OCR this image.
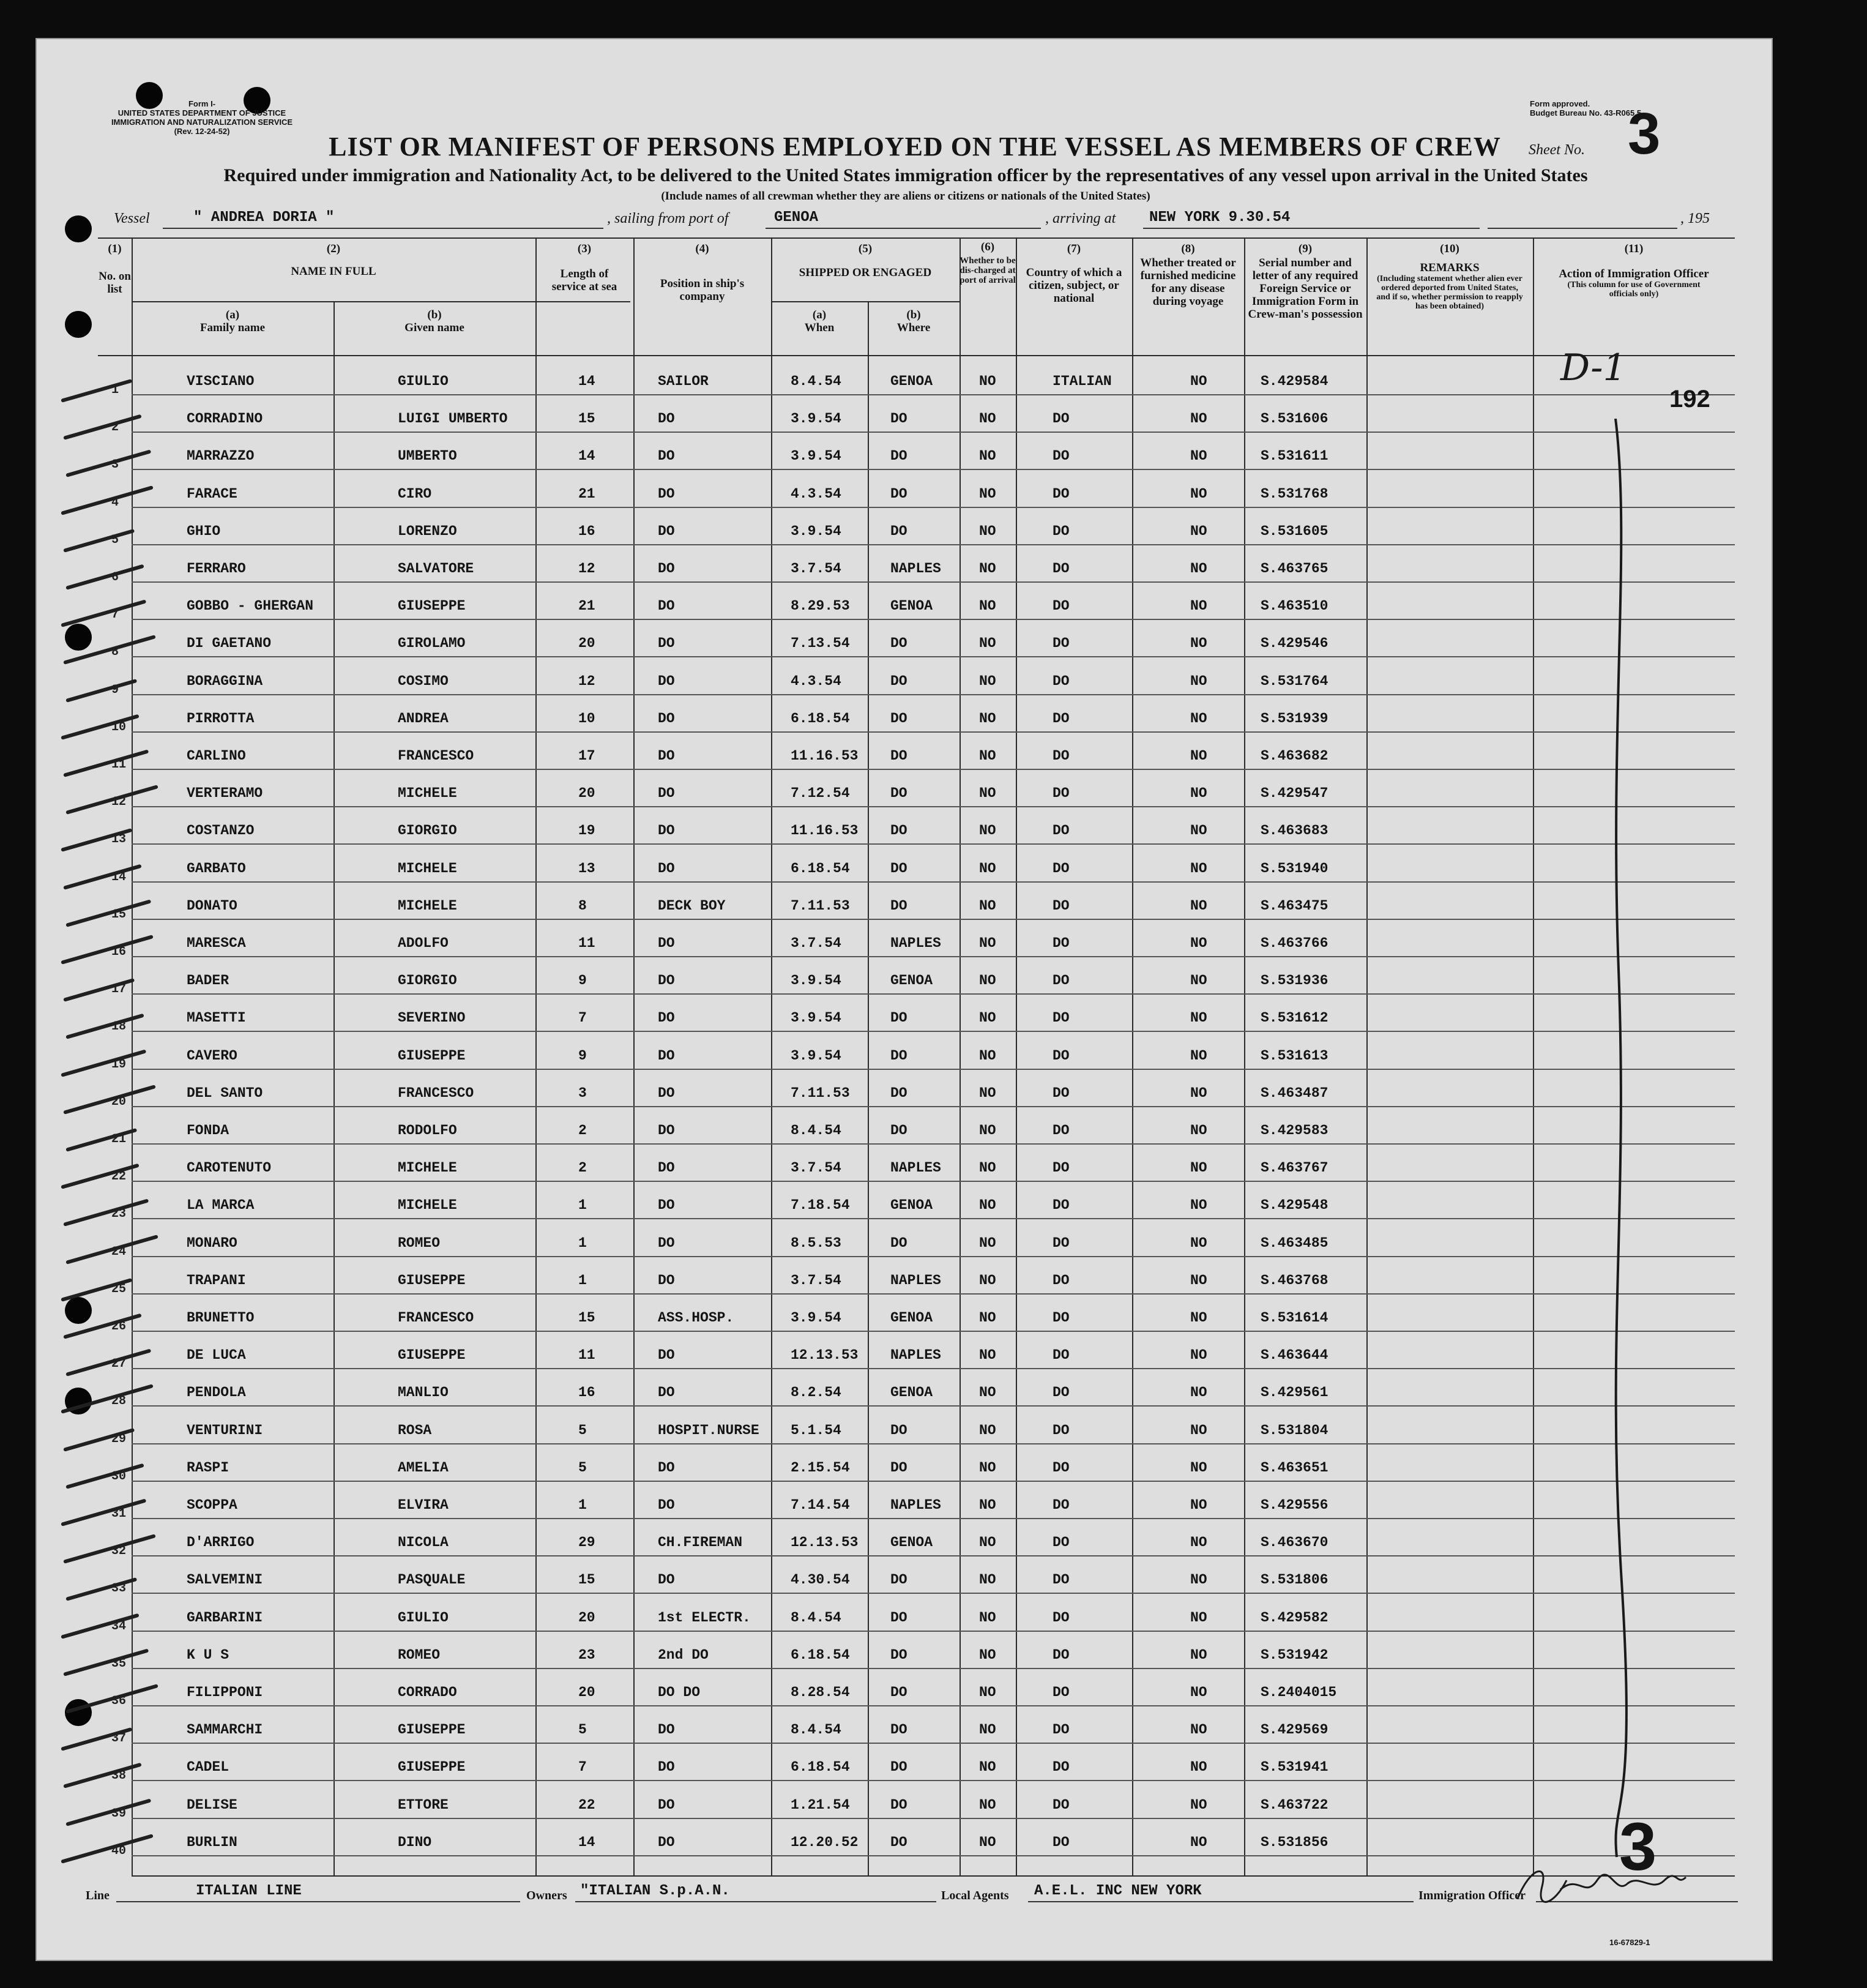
Form I-
UNITED STATES DEPARTMENT OF JUSTICE
IMMIGRATION AND NATURALIZATION SERVICE
(Rev. 12-24-52)
Form approved.
Budget Bureau No. 43-R065.5.
LIST OR MANIFEST OF PERSONS EMPLOYED ON THE VESSEL AS MEMBERS OF CREW	Sheet No. 3
Required under immigration and Nationality Act, to be delivered to the United States immigration officer by the representatives of any vessel upon arrival in the United States
(Include names of all crewman whether they are aliens or citizens or nationals of the United States)
Vessel	" ANDREA DORIA "	, sailing from port of	GENOA	, arriving at	NEW YORK 9.30.54	, 195
(1)
No. on list
(2)
NAME IN FULL
(a)
Family name
(b)
Given name
(3)
Length of service at sea
(4)
Position in ship's company
(5)
SHIPPED OR ENGAGED
(a)
When
(b)
Where
(6)
Whether to be dis-charged at port of arrival
(7)
Country of which a citizen, subject, or national
(8)
Whether treated or furnished medicine for any disease during voyage
(9)
Serial number and letter of any required Foreign Service or Immigration Form in Crew-man's possession
(10)
REMARKS
(Including statement whether alien ever ordered deported from United States, and if so, whether permission to reapply has been obtained)
(11)
Action of Immigration Officer
(This column for use of Government officials only)
1
VISCIANO	GIULIO	14	SAILOR	8.4.54	GENOA	NO	ITALIAN	NO	S.429584
2
CORRADINO	LUIGI UMBERTO	15	DO	3.9.54	DO	NO	DO	NO	S.531606
3
MARRAZZO	UMBERTO	14	DO	3.9.54	DO	NO	DO	NO	S.531611
4
FARACE	CIRO	21	DO	4.3.54	DO	NO	DO	NO	S.531768
5
GHIO	LORENZO	16	DO	3.9.54	DO	NO	DO	NO	S.531605
6
FERRARO	SALVATORE	12	DO	3.7.54	NAPLES	NO	DO	NO	S.463765
7
GOBBO - GHERGAN	GIUSEPPE	21	DO	8.29.53	GENOA	NO	DO	NO	S.463510
8
DI GAETANO	GIROLAMO	20	DO	7.13.54	DO	NO	DO	NO	S.429546
9
BORAGGINA	COSIMO	12	DO	4.3.54	DO	NO	DO	NO	S.531764
10
PIRROTTA	ANDREA	10	DO	6.18.54	DO	NO	DO	NO	S.531939
11
CARLINO	FRANCESCO	17	DO	11.16.53 DO	NO	DO	NO	S.463682
12
VERTERAMO	MICHELE	20	DO	7.12.54	DO	NO	DO	NO	S.429547
13
COSTANZO	GIORGIO	19	DO	11.16.53 DO	NO	DO	NO	S.463683
14
GARBATO	MICHELE	13	DO	6.18.54	DO	NO	DO	NO	S.531940
15
DONATO	MICHELE	8	DECK BOY	7.11.53	DO	NO	DO	NO	S.463475
16
MARESCA	ADOLFO	11	DO	3.7.54	NAPLES	NO	DO	NO	S.463766
17
BADER	GIORGIO	9	DO	3.9.54	GENOA	NO	DO	NO	S.531936
18
MASETTI	SEVERINO	7	DO	3.9.54	DO	NO	DO	NO	S.531612
19
CAVERO	GIUSEPPE	9	DO	3.9.54	DO	NO	DO	NO	S.531613
20
DEL SANTO	FRANCESCO	3	DO	7.11.53	DO	NO	DO	NO	S.463487
21
FONDA	RODOLFO	2	DO	8.4.54	DO	NO	DO	NO	S.429583
22
CAROTENUTO	MICHELE	2	DO	3.7.54	NAPLES	NO	DO	NO	S.463767
23
LA MARCA	MICHELE	1	DO	7.18.54	GENOA	NO	DO	NO	S.429548
24
MONARO	ROMEO	1	DO	8.5.53	DO	NO	DO	NO	S.463485
25
TRAPANI	GIUSEPPE	1	DO	3.7.54	NAPLES	NO	DO	NO	S.463768
26
BRUNETTO	FRANCESCO	15	ASS.HOSP.	3.9.54	GENOA	NO	DO	NO	S.531614
27
DE LUCA	GIUSEPPE	11	DO	12.13.53 NAPLES	NO	DO	NO	S.463644
28
PENDOLA	MANLIO	16	DO	8.2.54	GENOA	NO	DO	NO	S.429561
29
VENTURINI	ROSA	5	HOSPIT.NURSE 5.1.54	DO	NO	DO	NO	S.531804
30
RASPI	AMELIA	5	DO	2.15.54	DO	NO	DO	NO	S.463651
31
SCOPPA	ELVIRA	1	DO	7.14.54	NAPLES	NO	DO	NO	S.429556
32
D'ARRIGO	NICOLA	29	CH.FIREMAN	12.13.53 GENOA	NO	DO	NO	S.463670
33
SALVEMINI	PASQUALE	15	DO	4.30.54	DO	NO	DO	NO	S.531806
34
GARBARINI	GIULIO	20	1st ELECTR.	8.4.54	DO	NO	DO	NO	S.429582
35
K U S	ROMEO	23	2nd DO	6.18.54	DO	NO	DO	NO	S.531942
36
FILIPPONI	CORRADO	20	DO DO	8.28.54	DO	NO	DO	NO	S.2404015
37
SAMMARCHI	GIUSEPPE	5	DO	8.4.54	DO	NO	DO	NO	S.429569
38
CADEL	GIUSEPPE	7	DO	6.18.54	DO	NO	DO	NO	S.531941
39
DELISE	ETTORE	22	DO	1.21.54	DO	NO	DO	NO	S.463722
40
BURLIN	DINO	14	DO	12.20.52 DO	NO	DO	NO	S.531856
D-1
192
3
Line	ITALIAN LINE	Owners "ITALIAN S.p.A.N.	Local Agents	A.E.L. INC NEW YORK	Immigration Officer
16-67829-1
